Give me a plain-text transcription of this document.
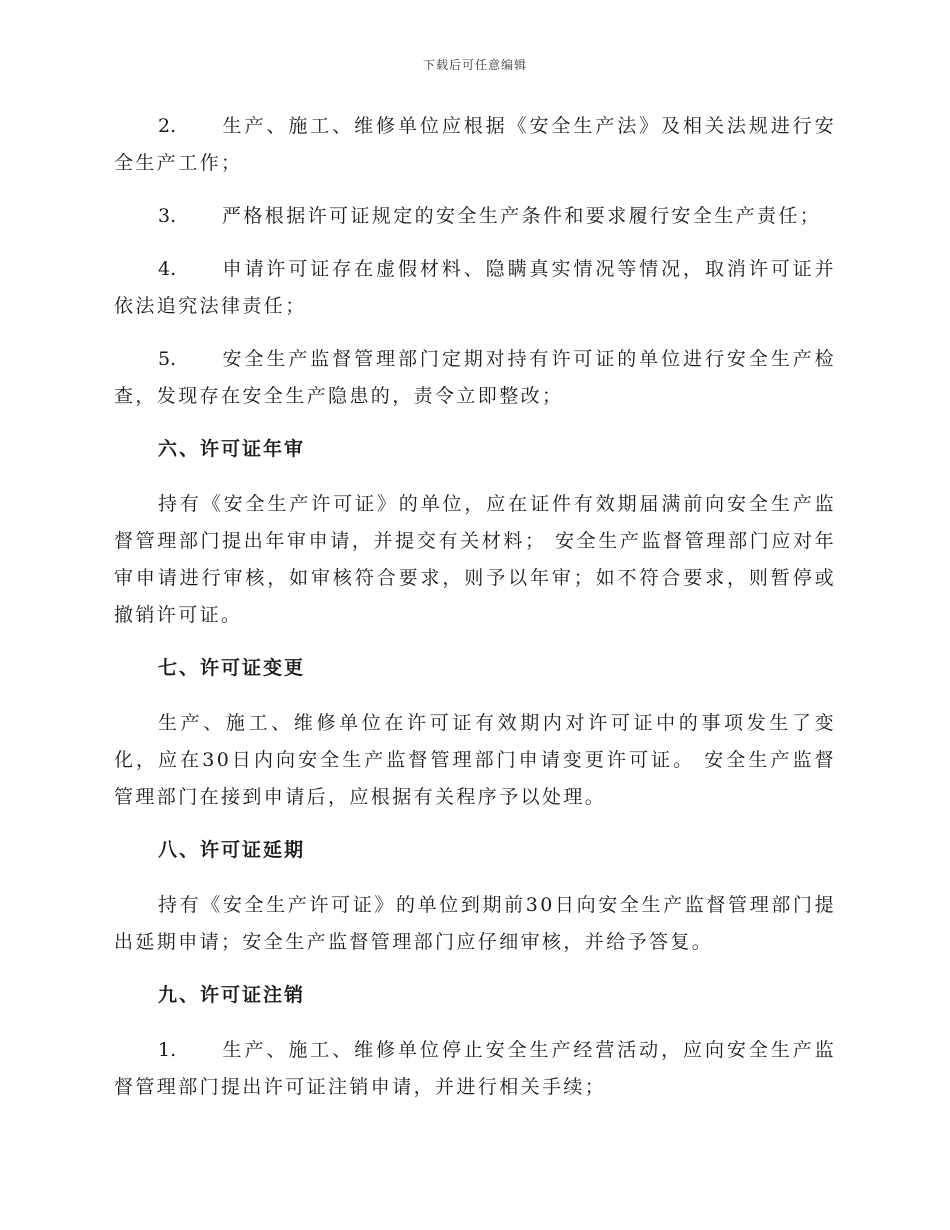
下载后可任意编辑

2. 生产、施工、维修单位应根据《安全生产法》及相关法规进行安全生产工作；

3. 严格根据许可证规定的安全生产条件和要求履行安全生产责任；

4. 申请许可证存在虚假材料、隐瞒真实情况等情况，取消许可证并依法追究法律责任；

5. 安全生产监督管理部门定期对持有许可证的单位进行安全生产检查，发现存在安全生产隐患的，责令立即整改；

六、许可证年审

持有《安全生产许可证》的单位，应在证件有效期届满前向安全生产监督管理部门提出年审申请，并提交有关材料； 安全生产监督管理部门应对年审申请进行审核，如审核符合要求，则予以年审；如不符合要求，则暂停或撤销许可证。

七、许可证变更

生产、施工、维修单位在许可证有效期内对许可证中的事项发生了变化，应在30日内向安全生产监督管理部门申请变更许可证。 安全生产监督管理部门在接到申请后，应根据有关程序予以处理。

八、许可证延期

持有《安全生产许可证》的单位到期前30日向安全生产监督管理部门提出延期申请；安全生产监督管理部门应仔细审核，并给予答复。

九、许可证注销

1. 生产、施工、维修单位停止安全生产经营活动，应向安全生产监督管理部门提出许可证注销申请，并进行相关手续；
